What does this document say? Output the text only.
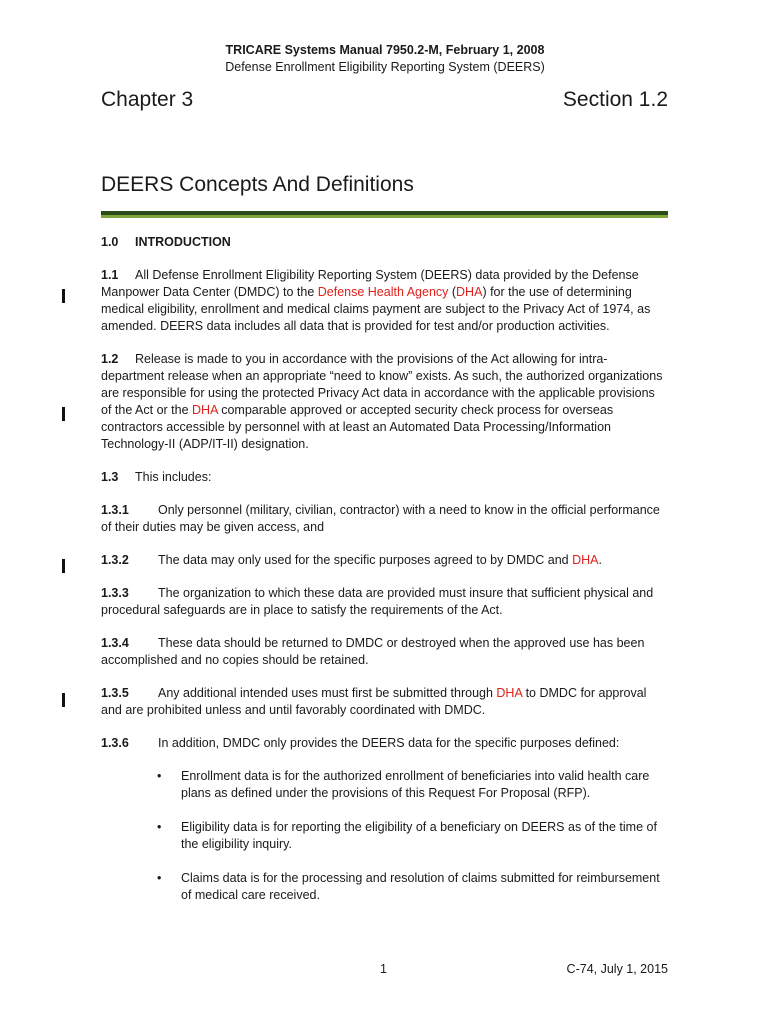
TRICARE Systems Manual 7950.2-M, February 1, 2008
Defense Enrollment Eligibility Reporting System (DEERS)
Chapter 3	Section 1.2
DEERS Concepts And Definitions

1.0 INTRODUCTION

1.1 All Defense Enrollment Eligibility Reporting System (DEERS) data provided by the Defense Manpower Data Center (DMDC) to the Defense Health Agency (DHA) for the use of determining medical eligibility, enrollment and medical claims payment are subject to the Privacy Act of 1974, as amended. DEERS data includes all data that is provided for test and/or production activities.

1.2 Release is made to you in accordance with the provisions of the Act allowing for intra-department release when an appropriate “need to know” exists. As such, the authorized organizations are responsible for using the protected Privacy Act data in accordance with the applicable provisions of the Act or the DHA comparable approved or accepted security check process for overseas contractors accessible by personnel with at least an Automated Data Processing/Information Technology-II (ADP/IT-II) designation.

1.3 This includes:

1.3.1 Only personnel (military, civilian, contractor) with a need to know in the official performance of their duties may be given access, and

1.3.2 The data may only used for the specific purposes agreed to by DMDC and DHA.

1.3.3 The organization to which these data are provided must insure that sufficient physical and procedural safeguards are in place to satisfy the requirements of the Act.

1.3.4 These data should be returned to DMDC or destroyed when the approved use has been accomplished and no copies should be retained.

1.3.5 Any additional intended uses must first be submitted through DHA to DMDC for approval and are prohibited unless and until favorably coordinated with DMDC.

1.3.6 In addition, DMDC only provides the DEERS data for the specific purposes defined:

• Enrollment data is for the authorized enrollment of beneficiaries into valid health care plans as defined under the provisions of this Request For Proposal (RFP).
• Eligibility data is for reporting the eligibility of a beneficiary on DEERS as of the time of the eligibility inquiry.
• Claims data is for the processing and resolution of claims submitted for reimbursement of medical care received.
1	C-74, July 1, 2015
